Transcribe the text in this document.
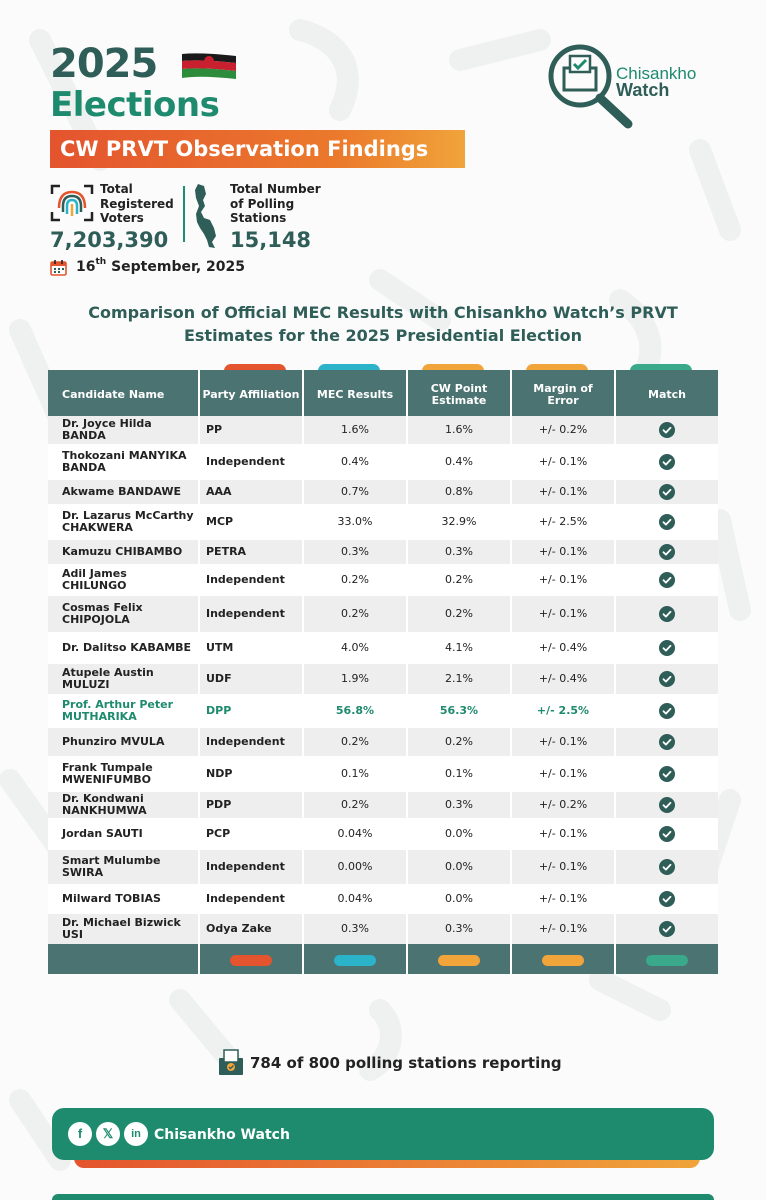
2025
Elections
CW PRVT Observation Findings
Chisankho
Watch
Total Registered Voters
7,203,390
Total Number of Polling Stations
15,148
16th September, 2025
Comparison of Official MEC Results with Chisankho Watch’s PRVT
Estimates for the 2025 Presidential Election
Candidate Name	Party Affiliation	MEC Results	CW Point Estimate	Margin of Error	Match
Dr. Joyce Hilda BANDA	PP	1.6%	1.6%	+/- 0.2%	

Thokozani MANYIKA BANDA	Independent	0.4%	0.4%	+/- 0.1%	

Akwame BANDAWE	AAA	0.7%	0.8%	+/- 0.1%	

Dr. Lazarus McCarthy CHAKWERA	MCP	33.0%	32.9%	+/- 2.5%	

Kamuzu CHIBAMBO	PETRA	0.3%	0.3%	+/- 0.1%	

Adil James CHILUNGO	Independent	0.2%	0.2%	+/- 0.1%	

Cosmas Felix CHIPOJOLA	Independent	0.2%	0.2%	+/- 0.1%	

Dr. Dalitso KABAMBE	UTM	4.0%	4.1%	+/- 0.4%	

Atupele Austin MULUZI	UDF	1.9%	2.1%	+/- 0.4%	

Prof. Arthur Peter MUTHARIKA	DPP	56.8%	56.3%	+/- 2.5%	

Phunziro MVULA	Independent	0.2%	0.2%	+/- 0.1%	

Frank Tumpale MWENIFUMBO	NDP	0.1%	0.1%	+/- 0.1%	

Dr. Kondwani NANKHUMWA	PDP	0.2%	0.3%	+/- 0.2%	

Jordan SAUTI	PCP	0.04%	0.0%	+/- 0.1%	

Smart Mulumbe SWIRA	Independent	0.00%	0.0%	+/- 0.1%	

Milward TOBIAS	Independent	0.04%	0.0%	+/- 0.1%	

Dr. Michael Bizwick USI	Odya Zake	0.3%	0.3%	+/- 0.1%	

784 of 800 polling stations reporting
f	𝕏	in Chisankho Watch
